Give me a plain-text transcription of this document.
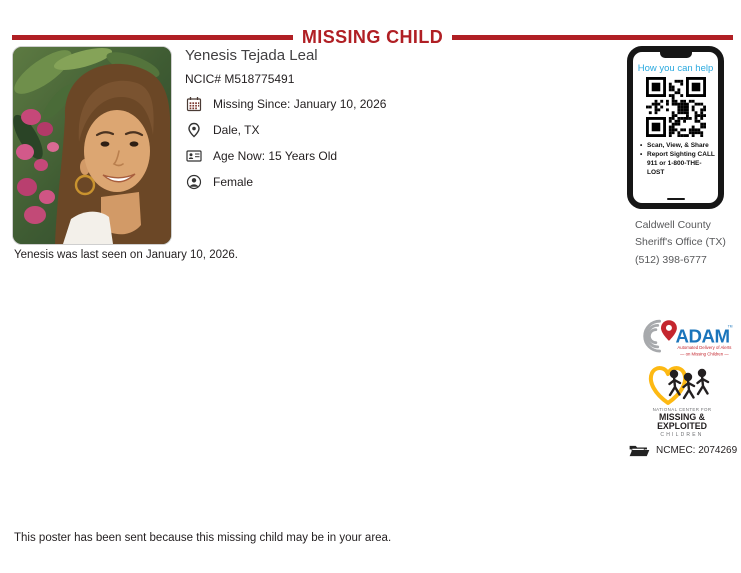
MISSING CHILD
Yenesis Tejada Leal
NCIC# M518775491
Missing Since: January 10, 2026
Dale, TX
Age Now: 15 Years Old
Female
Yenesis was last seen on January 10, 2026.
How you can help
• Scan, View, & Share
• Report Sighting CALL 911 or 1-800-THE-LOST
Caldwell County
Sheriff's Office (TX)
(512) 398-6777
ADAM
TM
Automated Delivery of Alerts
— on Missing Children —
NATIONAL CENTER FOR
MISSING &
EXPLOITED
CHILDREN
NCMEC: 2074269
This poster has been sent because this missing child may be in your area.
